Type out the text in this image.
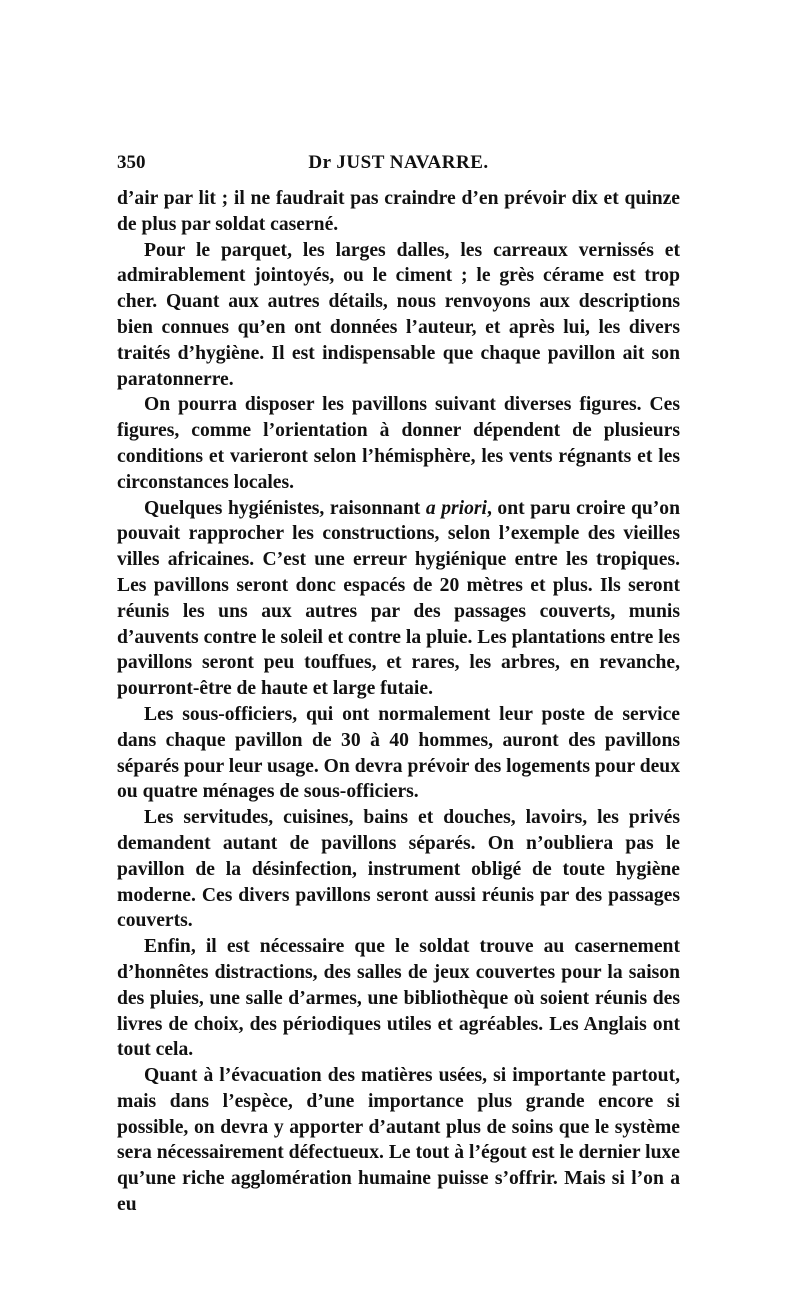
350	Dr JUST NAVARRE.

d’air par lit ; il ne faudrait pas craindre d’en prévoir dix et quinze de plus par soldat caserné.

Pour le parquet, les larges dalles, les carreaux vernissés et admirablement jointoyés, ou le ciment ; le grès cérame est trop cher. Quant aux autres détails, nous renvoyons aux descriptions bien connues qu’en ont données l’auteur, et après lui, les divers traités d’hygiène. Il est indispensable que chaque pavillon ait son paratonnerre.

On pourra disposer les pavillons suivant diverses figures. Ces figures, comme l’orientation à donner dépendent de plusieurs conditions et varieront selon l’hémisphère, les vents régnants et les circonstances locales.

Quelques hygiénistes, raisonnant a priori, ont paru croire qu’on pouvait rapprocher les constructions, selon l’exemple des vieilles villes africaines. C’est une erreur hygiénique entre les tropiques. Les pavillons seront donc espacés de 20 mètres et plus. Ils seront réunis les uns aux autres par des passages couverts, munis d’auvents contre le soleil et contre la pluie. Les plantations entre les pavillons seront peu touffues, et rares, les arbres, en revanche, pourront-être de haute et large futaie.

Les sous-officiers, qui ont normalement leur poste de service dans chaque pavillon de 30 à 40 hommes, auront des pavillons séparés pour leur usage. On devra prévoir des logements pour deux ou quatre ménages de sous-officiers.

Les servitudes, cuisines, bains et douches, lavoirs, les privés demandent autant de pavillons séparés. On n’oubliera pas le pavillon de la désinfection, instrument obligé de toute hygiène moderne. Ces divers pavillons seront aussi réunis par des passages couverts.

Enfin, il est nécessaire que le soldat trouve au casernement d’honnêtes distractions, des salles de jeux couvertes pour la saison des pluies, une salle d’armes, une bibliothèque où soient réunis des livres de choix, des périodiques utiles et agréables. Les Anglais ont tout cela.

Quant à l’évacuation des matières usées, si importante partout, mais dans l’espèce, d’une importance plus grande encore si possible, on devra y apporter d’autant plus de soins que le système sera nécessairement défectueux. Le tout à l’égout est le dernier luxe qu’une riche agglomération humaine puisse s’offrir. Mais si l’on a eu
